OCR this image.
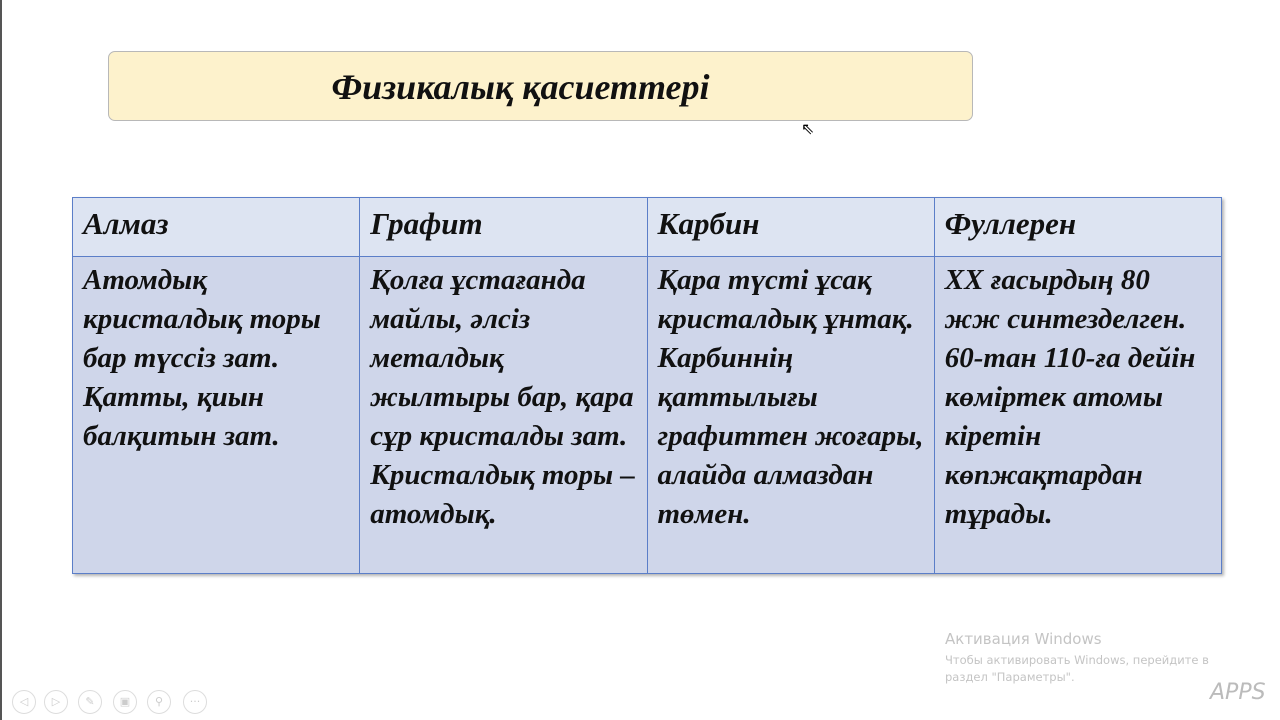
Физикалық қасиеттері
⇖
Алмаз	Графит	Карбин	Фуллерен
Атомдық кристалдық торы бар түссіз зат. Қатты, қиын балқитын зат.	Қолға ұстағанда майлы, әлсіз металдық жылтыры бар, қара сұр кристалды зат. Кристалдық торы – атомдық.	Қара түсті ұсақ кристалдық ұнтақ. Карбиннің қаттылығы графиттен жоғары, алайда алмаздан төмен.	XX ғасырдың 80 жж синтезделген. 60-тан 110-ға дейін көміртек атомы кіретін көпжақтардан тұрады.
Активация Windows
Чтобы активировать Windows, перейдите в
раздел "Параметры".
APPS
◁	▷	✎	▣	⚲	···
